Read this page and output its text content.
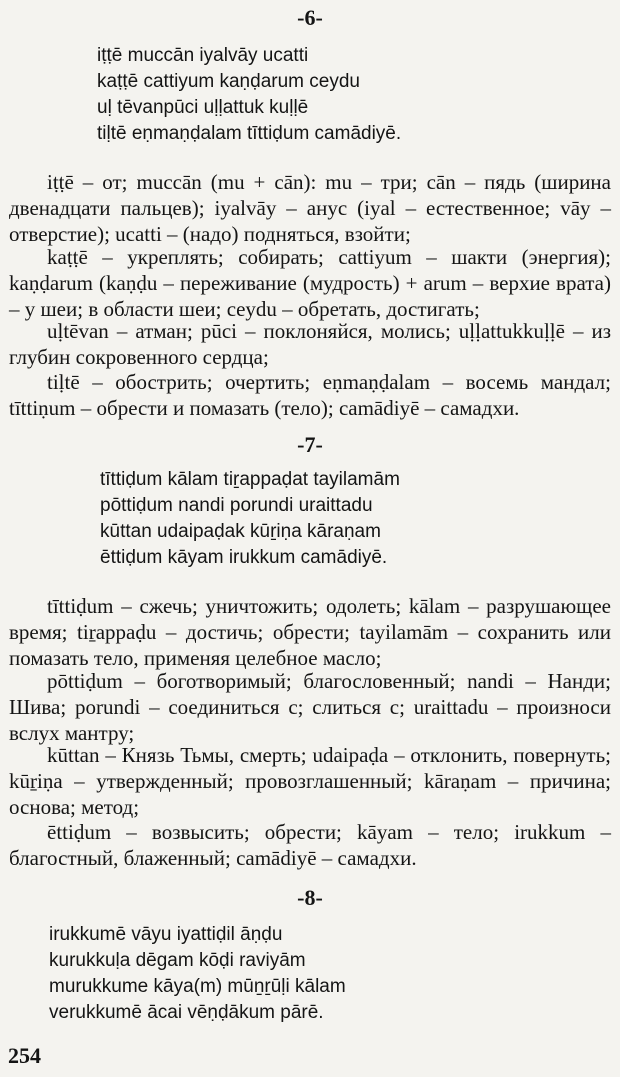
-6-
iṭṭē muccān iyalvāy ucatti
kaṭṭē cattiyum kaṇḍarum ceydu
uḷ tēvanpūci uḷḷattuk kuḷḷē
tiḷtē eṇmaṇḍalam tīttiḍum camādiyē.

iṭṭē – от; muccān (mu + cān): mu – три; cān – пядь (ширина двенадцати пальцев); iyalvāy – анус (iyal – естественное; vāy – отверстие); ucatti – (надо) подняться, взойти;

kaṭṭē – укреплять; собирать; cattiyum – шакти (энергия); kaṇḍarum (kaṇḍu – переживание (мудрость) + arum – верхие врата) – у шеи; в области шеи; ceydu – обретать, достигать;

uḷtēvan – атман; pūci – поклоняйся, молись; uḷḷattukkuḷḷē – из глубин сокровенного сердца;

tiḷtē – обострить; очертить; eṇmaṇḍalam – восемь мандал; tīttiṇum – обрести и помазать (тело); camādiyē – самадхи.

-7-
tīttiḍum kālam tiṟappaḍat tayilamām
pōttiḍum nandi porundi uraittadu
kūttan udaipaḍak kūṟiṇa kāraṇam
ēttiḍum kāyam irukkum camādiyē.

tīttiḍum – сжечь; уничтожить; одолеть; kālam – разрушающее время; tiṟappaḍu – достичь; обрести; tayilamām – сохранить или помазать тело, применяя целебное масло;

pōttiḍum – боготворимый; благословенный; nandi – Нанди; Шива; porundi – соединиться с; слиться с; uraittadu – произноси вслух мантру;

kūttan – Князь Тьмы, смерть; udaipaḍa – отклонить, повернуть; kūṟiṇa – утвержденный; провозглашенный; kāraṇam – причина; основа; метод;

ēttiḍum – возвысить; обрести; kāyam – тело; irukkum – благостный, блаженный; camādiyē – самадхи.

-8-
irukkumē vāyu iyattiḍil āṇḍu
kurukkuḷa dēgam kōḍi raviyām
murukkume kāya(m) mūṉṟūḷi kālam
verukkumē ācai vēṇḍākum pārē.
254
